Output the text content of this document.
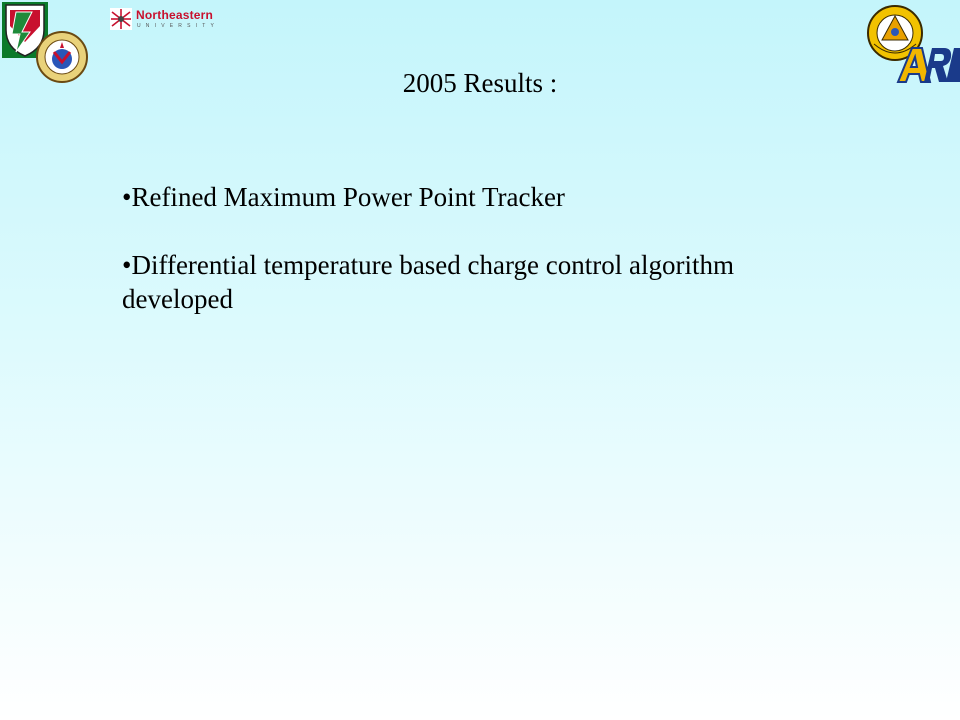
Northeastern
UNIVERSITY
2005 Results :
•Refined Maximum Power Point Tracker
•Differential temperature based charge control algorithm developed
